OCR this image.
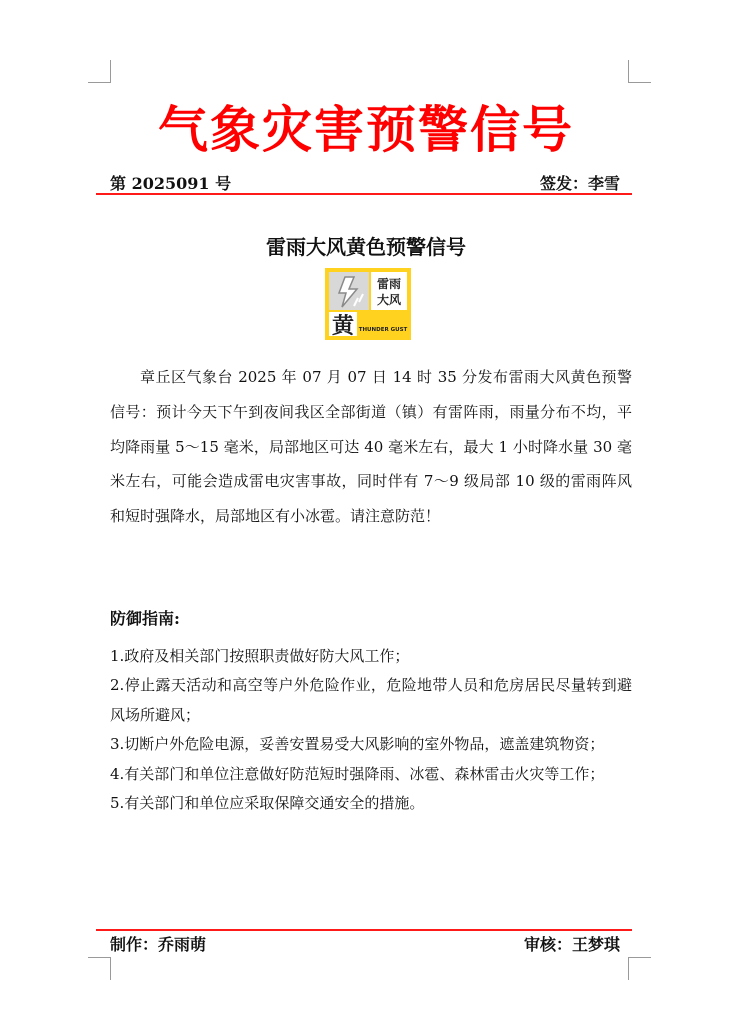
气象灾害预警信号
第 2025091 号	签发：李雪
雷雨大风黄色预警信号
雷雨
大风
黄 THUNDER GUST
章丘区气象台 2025 年 07 月 07 日 14 时 35 分发布雷雨大风黄色预警信号：预计今天下午到夜间我区全部街道（镇）有雷阵雨，雨量分布不均，平均降雨量 5～15 毫米，局部地区可达 40 毫米左右，最大 1 小时降水量 30 毫米左右，可能会造成雷电灾害事故，同时伴有 7～9 级局部 10 级的雷雨阵风和短时强降水，局部地区有小冰雹。请注意防范！
防御指南:
1.政府及相关部门按照职责做好防大风工作；
2.停止露天活动和高空等户外危险作业，危险地带人员和危房居民尽量转到避风场所避风；
3.切断户外危险电源，妥善安置易受大风影响的室外物品，遮盖建筑物资；
4.有关部门和单位注意做好防范短时强降雨、冰雹、森林雷击火灾等工作；
5.有关部门和单位应采取保障交通安全的措施。
制作：乔雨萌	审核：王梦琪
